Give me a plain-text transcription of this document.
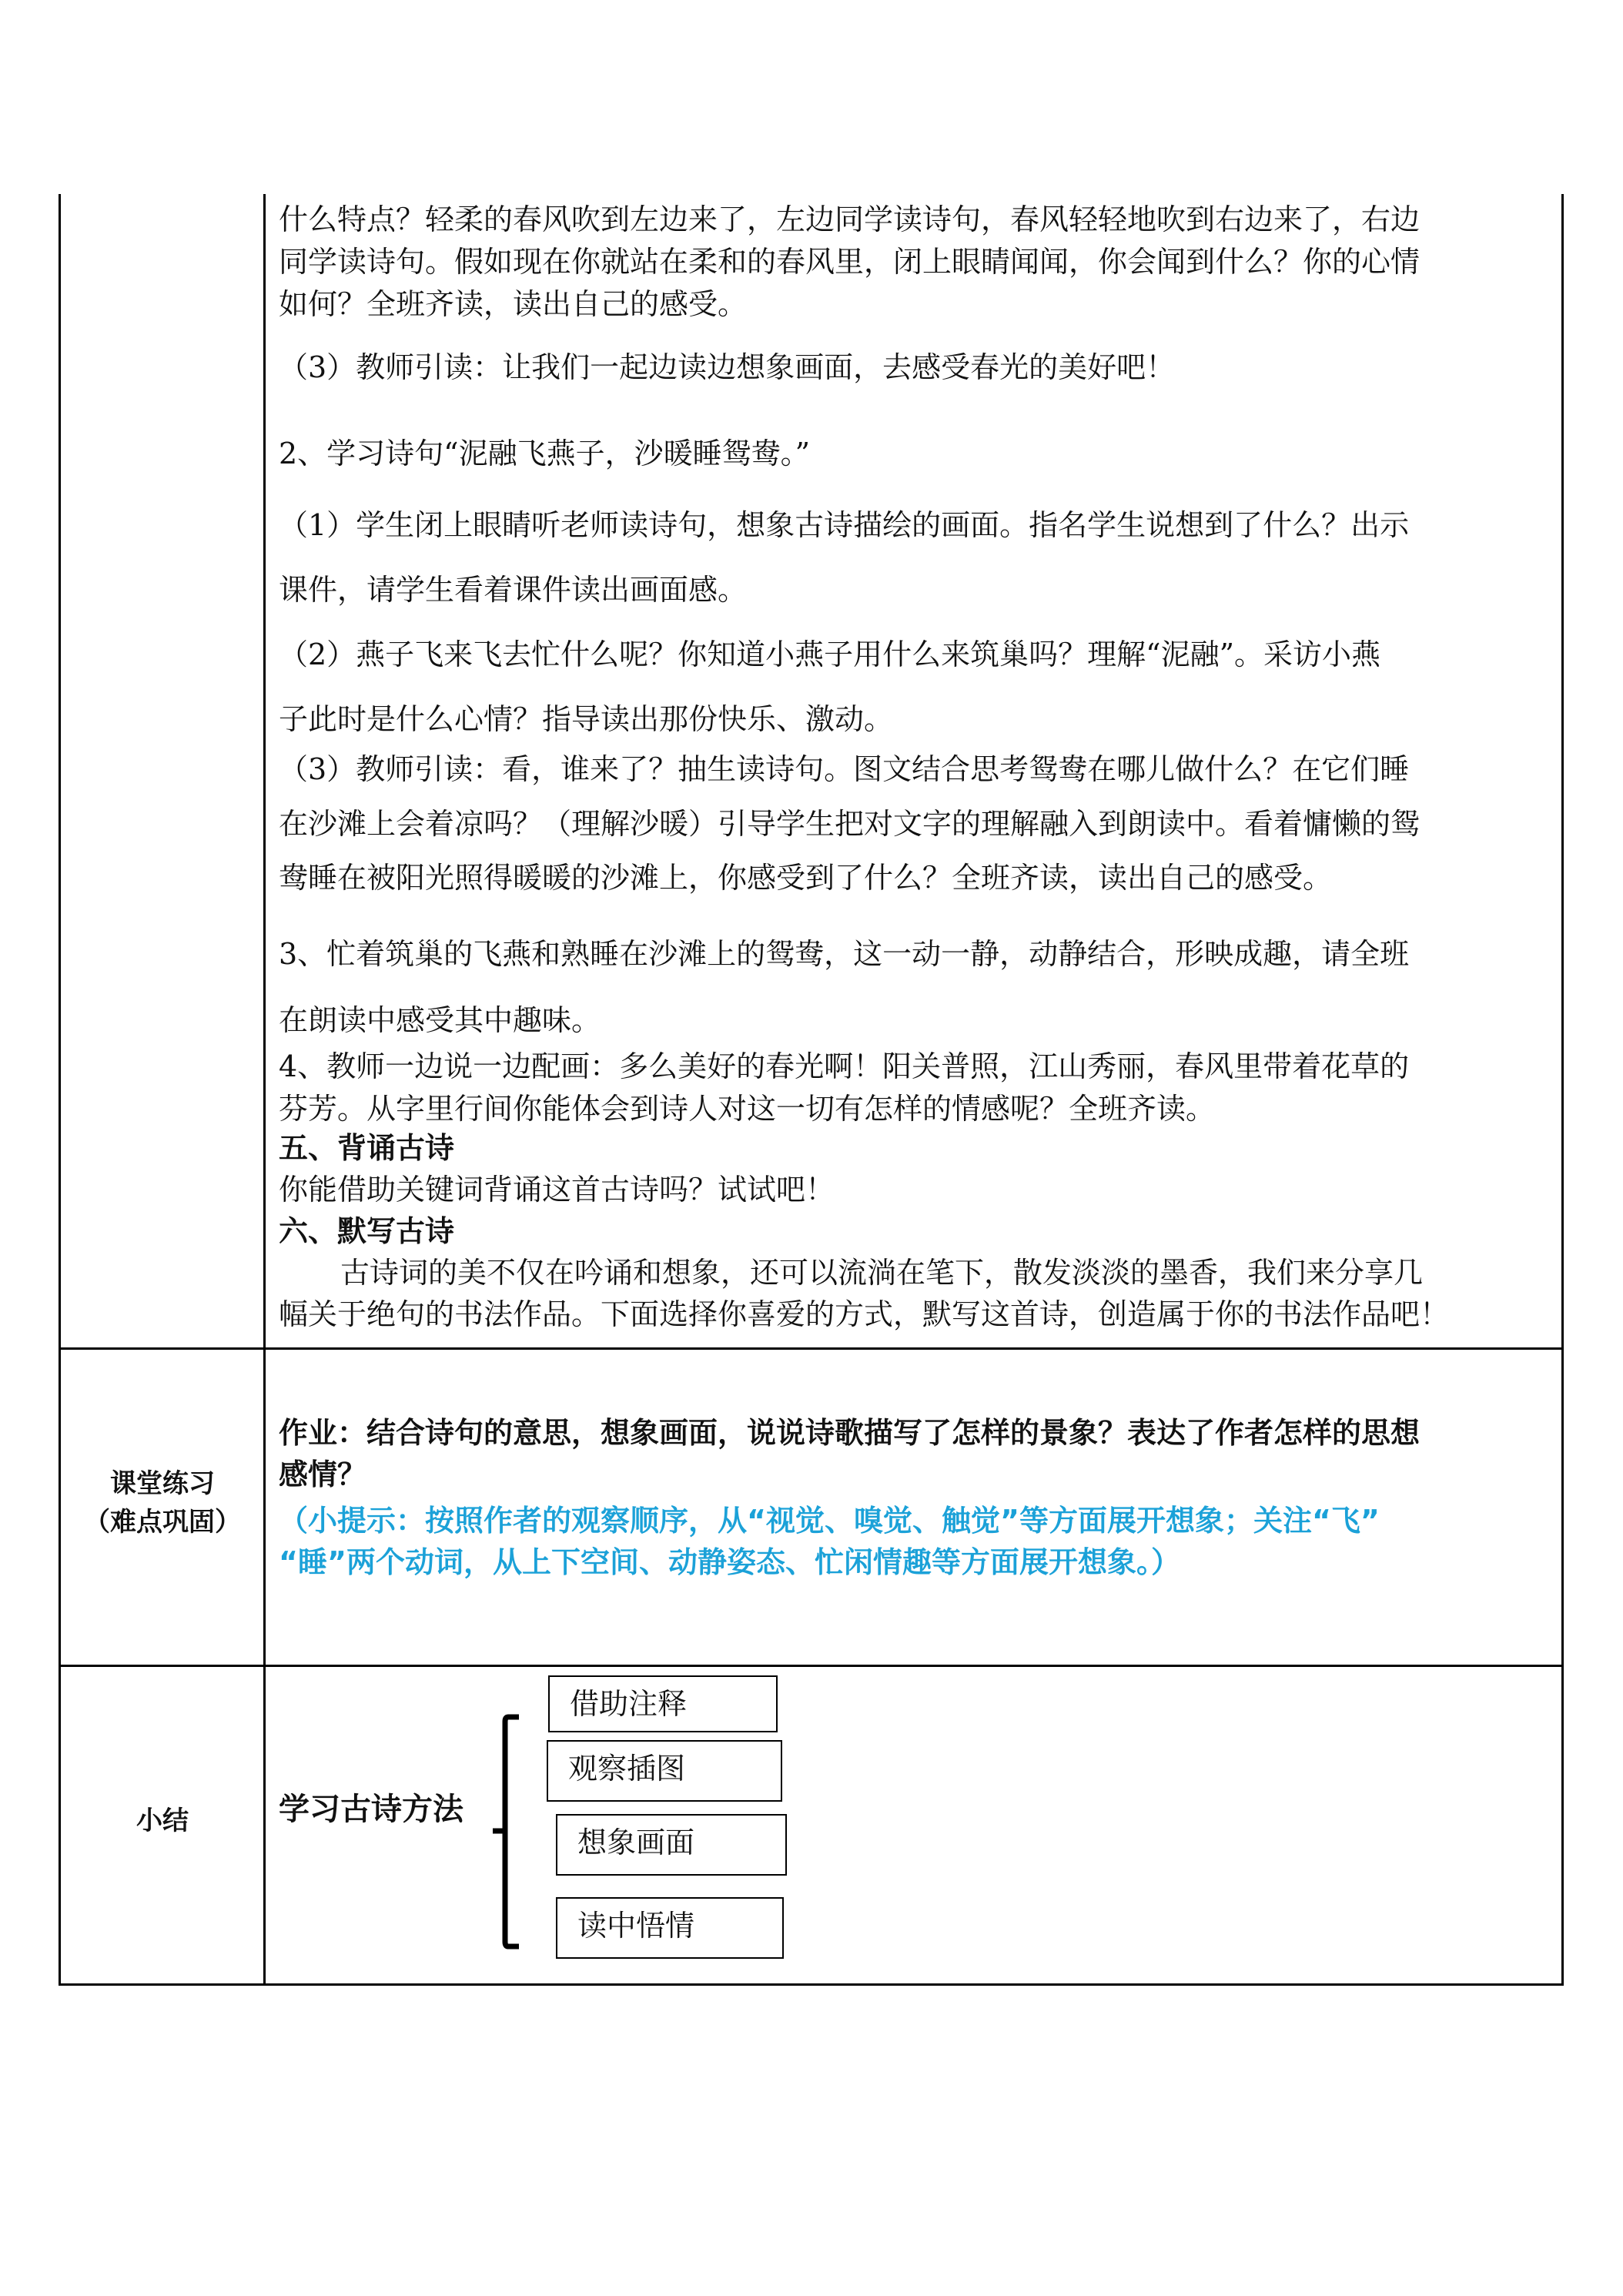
什么特点？轻柔的春风吹到左边来了，左边同学读诗句，春风轻轻地吹到右边来了，右边
同学读诗句。假如现在你就站在柔和的春风里，闭上眼睛闻闻，你会闻到什么？你的心情
如何？全班齐读，读出自己的感受。
（3）教师引读：让我们一起边读边想象画面，去感受春光的美好吧！
2、学习诗句“泥融飞燕子，沙暖睡鸳鸯。”
（1）学生闭上眼睛听老师读诗句，想象古诗描绘的画面。指名学生说想到了什么？出示
课件，请学生看着课件读出画面感。
（2）燕子飞来飞去忙什么呢？你知道小燕子用什么来筑巢吗？理解“泥融”。采访小燕
子此时是什么心情？指导读出那份快乐、激动。
（3）教师引读：看，谁来了？抽生读诗句。图文结合思考鸳鸯在哪儿做什么？在它们睡
在沙滩上会着凉吗？（理解沙暖）引导学生把对文字的理解融入到朗读中。看着慵懒的鸳
鸯睡在被阳光照得暖暖的沙滩上，你感受到了什么？全班齐读，读出自己的感受。
3、忙着筑巢的飞燕和熟睡在沙滩上的鸳鸯，这一动一静，动静结合，形映成趣，请全班
在朗读中感受其中趣味。
4、教师一边说一边配画：多么美好的春光啊！阳关普照，江山秀丽，春风里带着花草的
芬芳。从字里行间你能体会到诗人对这一切有怎样的情感呢？全班齐读。
五、背诵古诗
你能借助关键词背诵这首古诗吗？试试吧！
六、默写古诗
古诗词的美不仅在吟诵和想象，还可以流淌在笔下，散发淡淡的墨香，我们来分享几
幅关于绝句的书法作品。下面选择你喜爱的方式，默写这首诗，创造属于你的书法作品吧！
课堂练习
（难点巩固）
作业：结合诗句的意思，想象画面，说说诗歌描写了怎样的景象？表达了作者怎样的思想
感情？
（小提示：按照作者的观察顺序，从“视觉、嗅觉、触觉”等方面展开想象；关注“飞”
“睡”两个动词，从上下空间、动静姿态、忙闲情趣等方面展开想象。）
小结	学习古诗方法
借助注释
观察插图
想象画面
读中悟情
